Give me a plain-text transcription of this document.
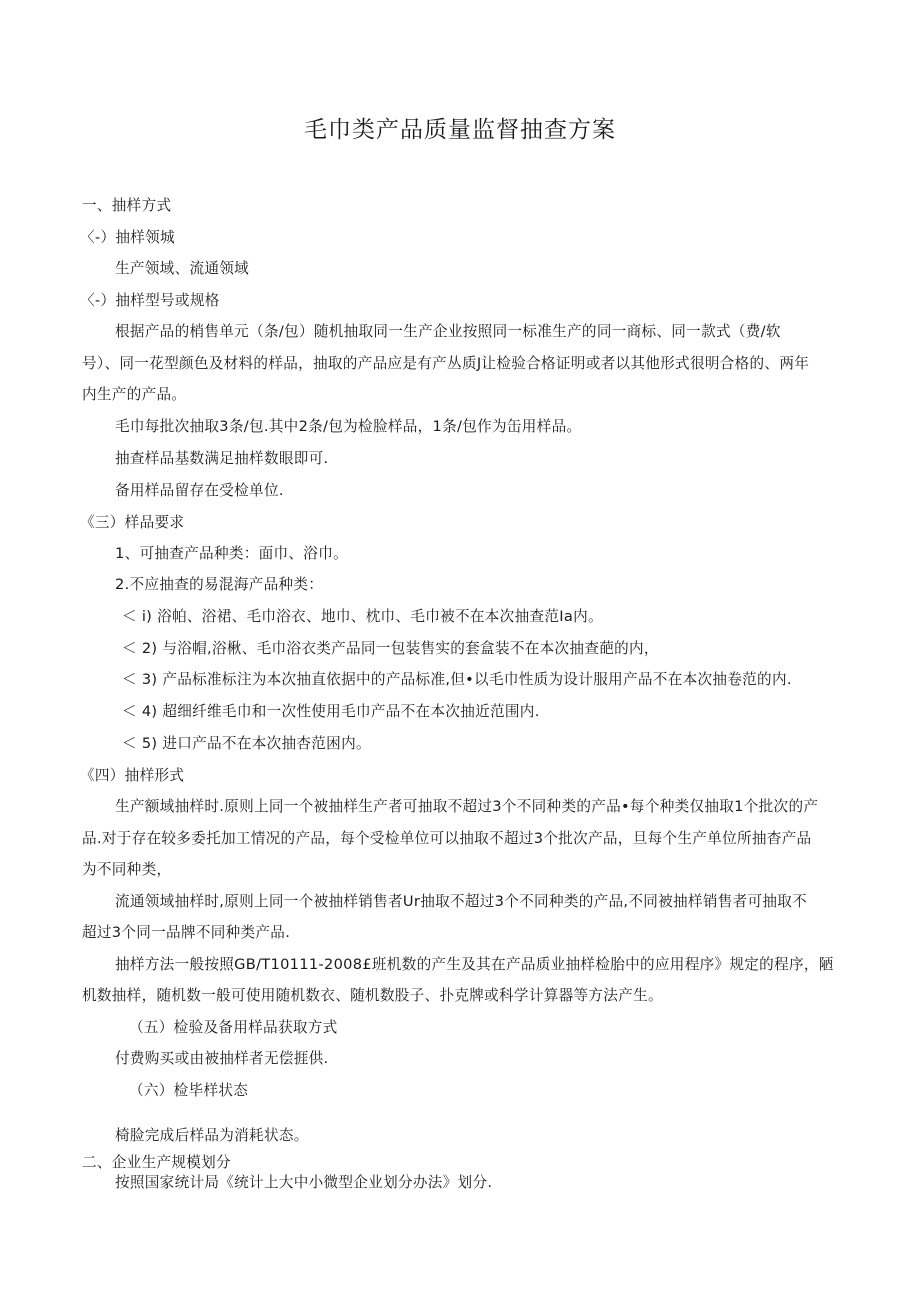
毛巾类产品质量监督抽查方案
一、抽样方式
〈-）抽样领城
生产领域、流通领域
〈-）抽样型号或规格
根据产品的梢售单元（条/包）随机抽取同一生产企业按照同一标准生产的同一商标、同一款式（费/软
号）、同一花型颜色及材料的样品，抽取的产品应是有产丛质J让检验合格证明或者以其他形式很明合格的、两年
内生产的产品。
毛巾每批次抽取3条/包.其中2条/包为检脸样品，1条/包作为缶用样品。
抽查样品基数满足抽样数眼即可.
备用样品留存在受检单位.
《三）样品要求
1、可抽查产品种类：面巾、浴巾。
2.不应抽查的易混海产品种类：
＜ i) 浴帕、浴裙、毛巾浴衣、地巾、枕巾、毛巾被不在本次抽查范Ia内。
＜ 2) 与浴帽,浴楸、毛巾浴衣类产品同一包装售实的套盒装不在本次抽查葩的内，
＜ 3) 产品标准标注为本次抽直依据中的产品标准,但•以毛巾性质为设计服用产品不在本次抽卷范的内.
＜ 4) 超细纤维毛巾和一次性使用毛巾产品不在本次抽近范围内.
＜ 5) 进口产品不在本次抽杏范困内。
《四）抽样形式
生产额域抽样时.原则上同一个被抽样生产者可抽取不超过3个不同种类的产品•每个种类仅抽取1个批次的产
品.对于存在较多委托加工情况的产品，每个受检单位可以抽取不超过3个批次产品，旦每个生产单位所抽杳产品
为不同种类，
流通领域抽样时,原则上同一个被抽样销售者Ur抽取不超过3个不同种类的产品,不同被抽样销售者可抽取不
超过3个同一品牌不同种类产品.
抽样方法一般按照GB/T10111-2008£班机数的产生及其在产品质业抽样检胎中的应用程序》规定的程序，陋
机数抽样，随机数一般可使用随机数衣、随机数股子、扑克牌或科学计算器等方法产生。
（五）检验及备用样品获取方式
付费购买或由被抽样者无偿捱供.
（六）检毕样状态
椅脸完成后样品为消耗状态。
二、企业生产规模划分
按照国家统计局《统计上大中小微型企业划分办法》划分.
